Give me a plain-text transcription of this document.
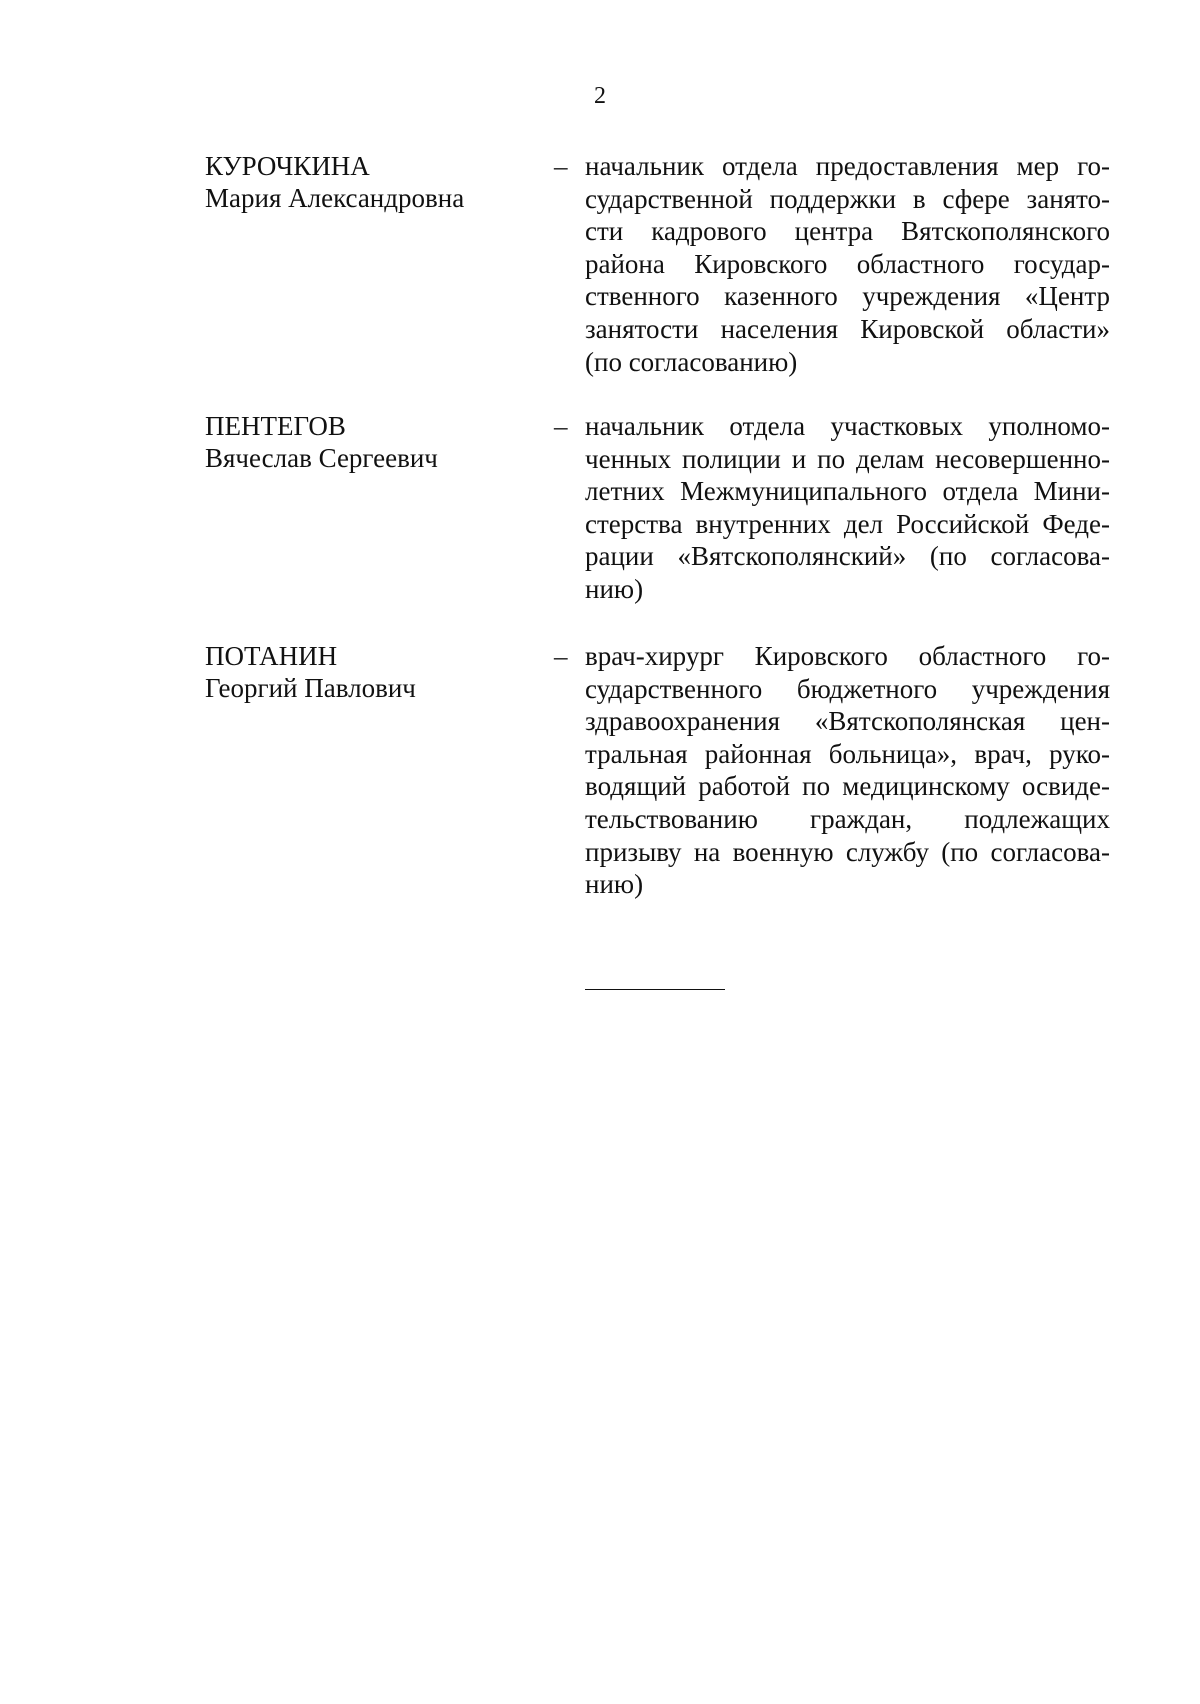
2
КУРОЧКИНА
Мария Александровна
– начальник отдела предоставления мер го-
сударственной поддержки в сфере занято-
сти кадрового центра Вятскополянского
района Кировского областного государ-
ственного казенного учреждения «Центр
занятости населения Кировской области»
(по согласованию)

ПЕНТЕГОВ
Вячеслав Сергеевич
– начальник отдела участковых уполномо-
ченных полиции и по делам несовершенно-
летних Межмуниципального отдела Мини-
стерства внутренних дел Российской Феде-
рации «Вятскополянский» (по согласова-
нию)

ПОТАНИН
Георгий Павлович
– врач-хирург Кировского областного го-
сударственного бюджетного учреждения
здравоохранения «Вятскополянская цен-
тральная районная больница», врач, руко-
водящий работой по медицинскому освиде-
тельствованию граждан, подлежащих
призыву на военную службу (по согласова-
нию)
